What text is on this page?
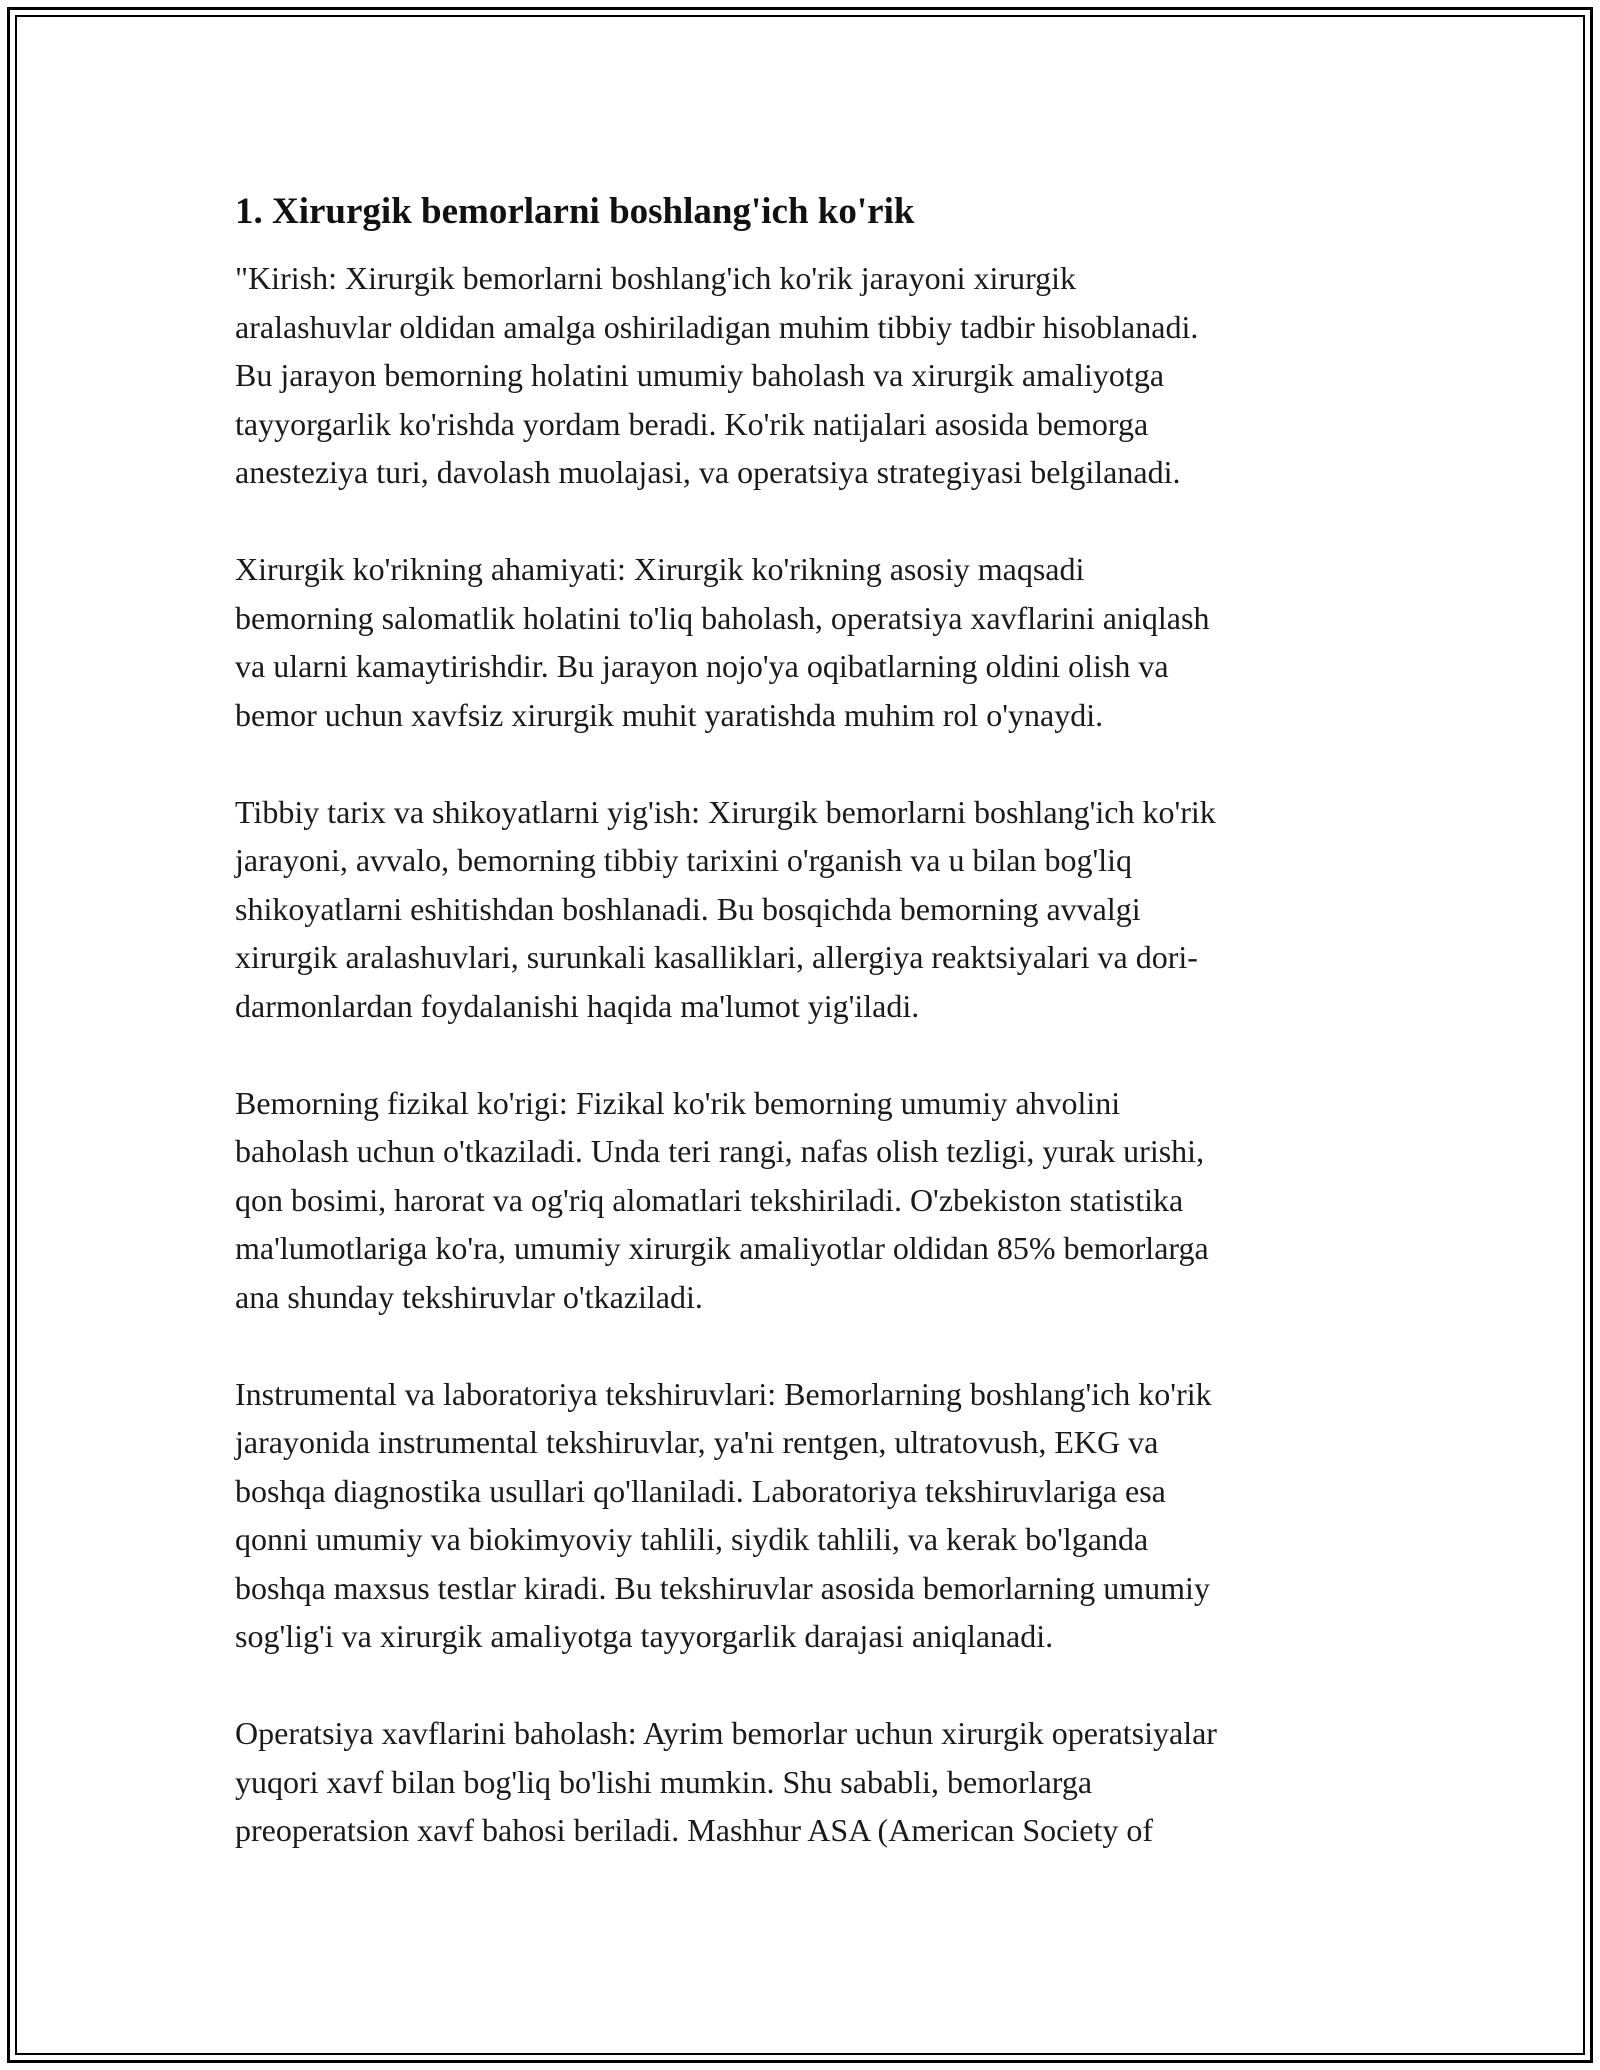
1. Xirurgik bemorlarni boshlang'ich ko'rik

"Kirish: Xirurgik bemorlarni boshlang'ich ko'rik jarayoni xirurgik
aralashuvlar oldidan amalga oshiriladigan muhim tibbiy tadbir hisoblanadi.
Bu jarayon bemorning holatini umumiy baholash va xirurgik amaliyotga
tayyorgarlik ko'rishda yordam beradi. Ko'rik natijalari asosida bemorga
anesteziya turi, davolash muolajasi, va operatsiya strategiyasi belgilanadi.

Xirurgik ko'rikning ahamiyati: Xirurgik ko'rikning asosiy maqsadi
bemorning salomatlik holatini to'liq baholash, operatsiya xavflarini aniqlash
va ularni kamaytirishdir. Bu jarayon nojo'ya oqibatlarning oldini olish va
bemor uchun xavfsiz xirurgik muhit yaratishda muhim rol o'ynaydi.

Tibbiy tarix va shikoyatlarni yig'ish: Xirurgik bemorlarni boshlang'ich ko'rik
jarayoni, avvalo, bemorning tibbiy tarixini o'rganish va u bilan bog'liq
shikoyatlarni eshitishdan boshlanadi. Bu bosqichda bemorning avvalgi
xirurgik aralashuvlari, surunkali kasalliklari, allergiya reaktsiyalari va dori-
darmonlardan foydalanishi haqida ma'lumot yig'iladi.

Bemorning fizikal ko'rigi: Fizikal ko'rik bemorning umumiy ahvolini
baholash uchun o'tkaziladi. Unda teri rangi, nafas olish tezligi, yurak urishi,
qon bosimi, harorat va og'riq alomatlari tekshiriladi. O'zbekiston statistika
ma'lumotlariga ko'ra, umumiy xirurgik amaliyotlar oldidan 85% bemorlarga
ana shunday tekshiruvlar o'tkaziladi.

Instrumental va laboratoriya tekshiruvlari: Bemorlarning boshlang'ich ko'rik
jarayonida instrumental tekshiruvlar, ya'ni rentgen, ultratovush, EKG va
boshqa diagnostika usullari qo'llaniladi. Laboratoriya tekshiruvlariga esa
qonni umumiy va biokimyoviy tahlili, siydik tahlili, va kerak bo'lganda
boshqa maxsus testlar kiradi. Bu tekshiruvlar asosida bemorlarning umumiy
sog'lig'i va xirurgik amaliyotga tayyorgarlik darajasi aniqlanadi.

Operatsiya xavflarini baholash: Ayrim bemorlar uchun xirurgik operatsiyalar
yuqori xavf bilan bog'liq bo'lishi mumkin. Shu sababli, bemorlarga
preoperatsion xavf bahosi beriladi. Mashhur ASA (American Society of
